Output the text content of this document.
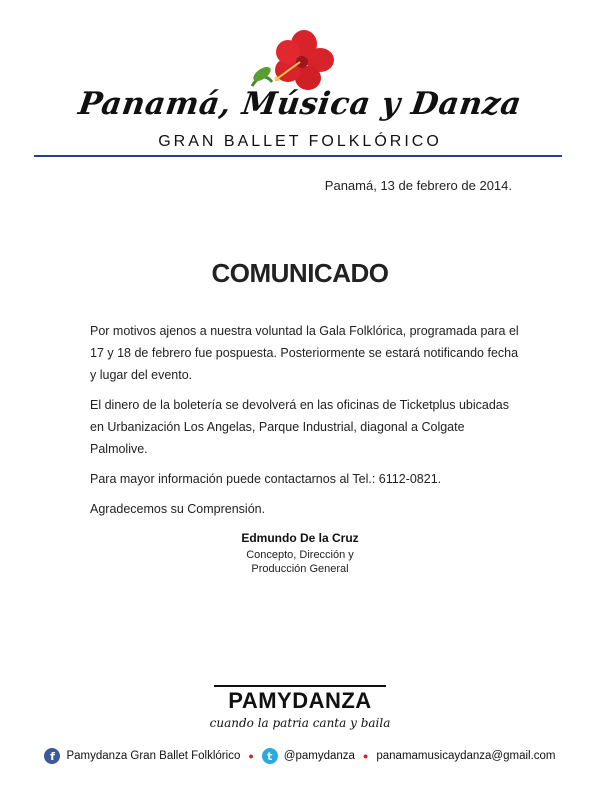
Panamá, Música y Danza
GRAN BALLET FOLKLÓRICO
Panamá, 13 de febrero de 2014.
COMUNICADO

Por motivos ajenos a nuestra voluntad la Gala Folklórica, programada para el 17 y 18 de febrero fue pospuesta. Posteriormente se estará notificando fecha y lugar del evento.

El dinero de la boletería se devolverá en las oficinas de Ticketplus ubicadas en Urbanización Los Angelas, Parque Industrial, diagonal a Colgate Palmolive.

Para mayor información puede contactarnos al Tel.: 6112-0821.

Agradecemos su Comprensión.

Edmundo De la Cruz
Concepto, Dirección y
Producción General
PAMYDANZA
cuando la patria canta y baila
f	Pamydanza Gran Ballet Folklórico ●	t @pamydanza ● panamamusicaydanza@gmail.com
